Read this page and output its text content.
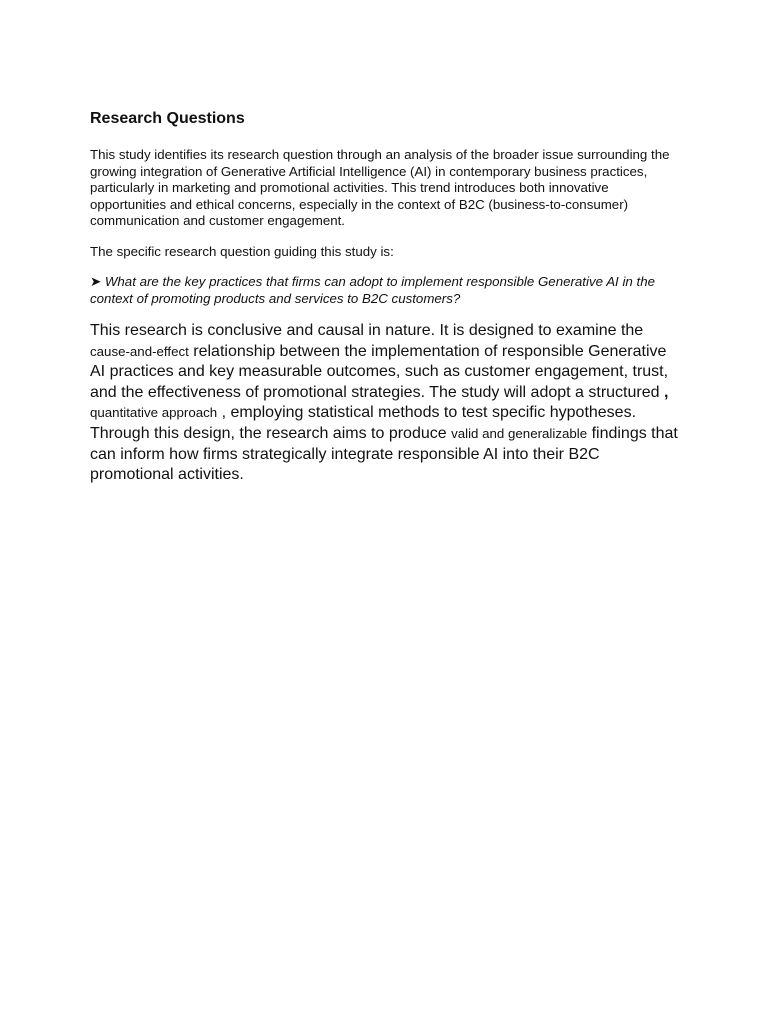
Research Questions

This study identifies its research question through an analysis of the broader issue surrounding the growing integration of Generative Artificial Intelligence (AI) in contemporary business practices, particularly in marketing and promotional activities. This trend introduces both innovative opportunities and ethical concerns, especially in the context of B2C (business-to-consumer) communication and customer engagement.

The specific research question guiding this study is:

➤ What are the key practices that firms can adopt to implement responsible Generative AI in the context of promoting products and services to B2C customers?

This research is conclusive and causal in nature. It is designed to examine the cause-and-effect relationship between the implementation of responsible Generative AI practices and key measurable outcomes, such as customer engagement, trust, and the effectiveness of promotional strategies. The study will adopt a structured , quantitative approach , employing statistical methods to test specific hypotheses. Through this design, the research aims to produce valid and generalizable findings that can inform how firms strategically integrate responsible AI into their B2C promotional activities.
